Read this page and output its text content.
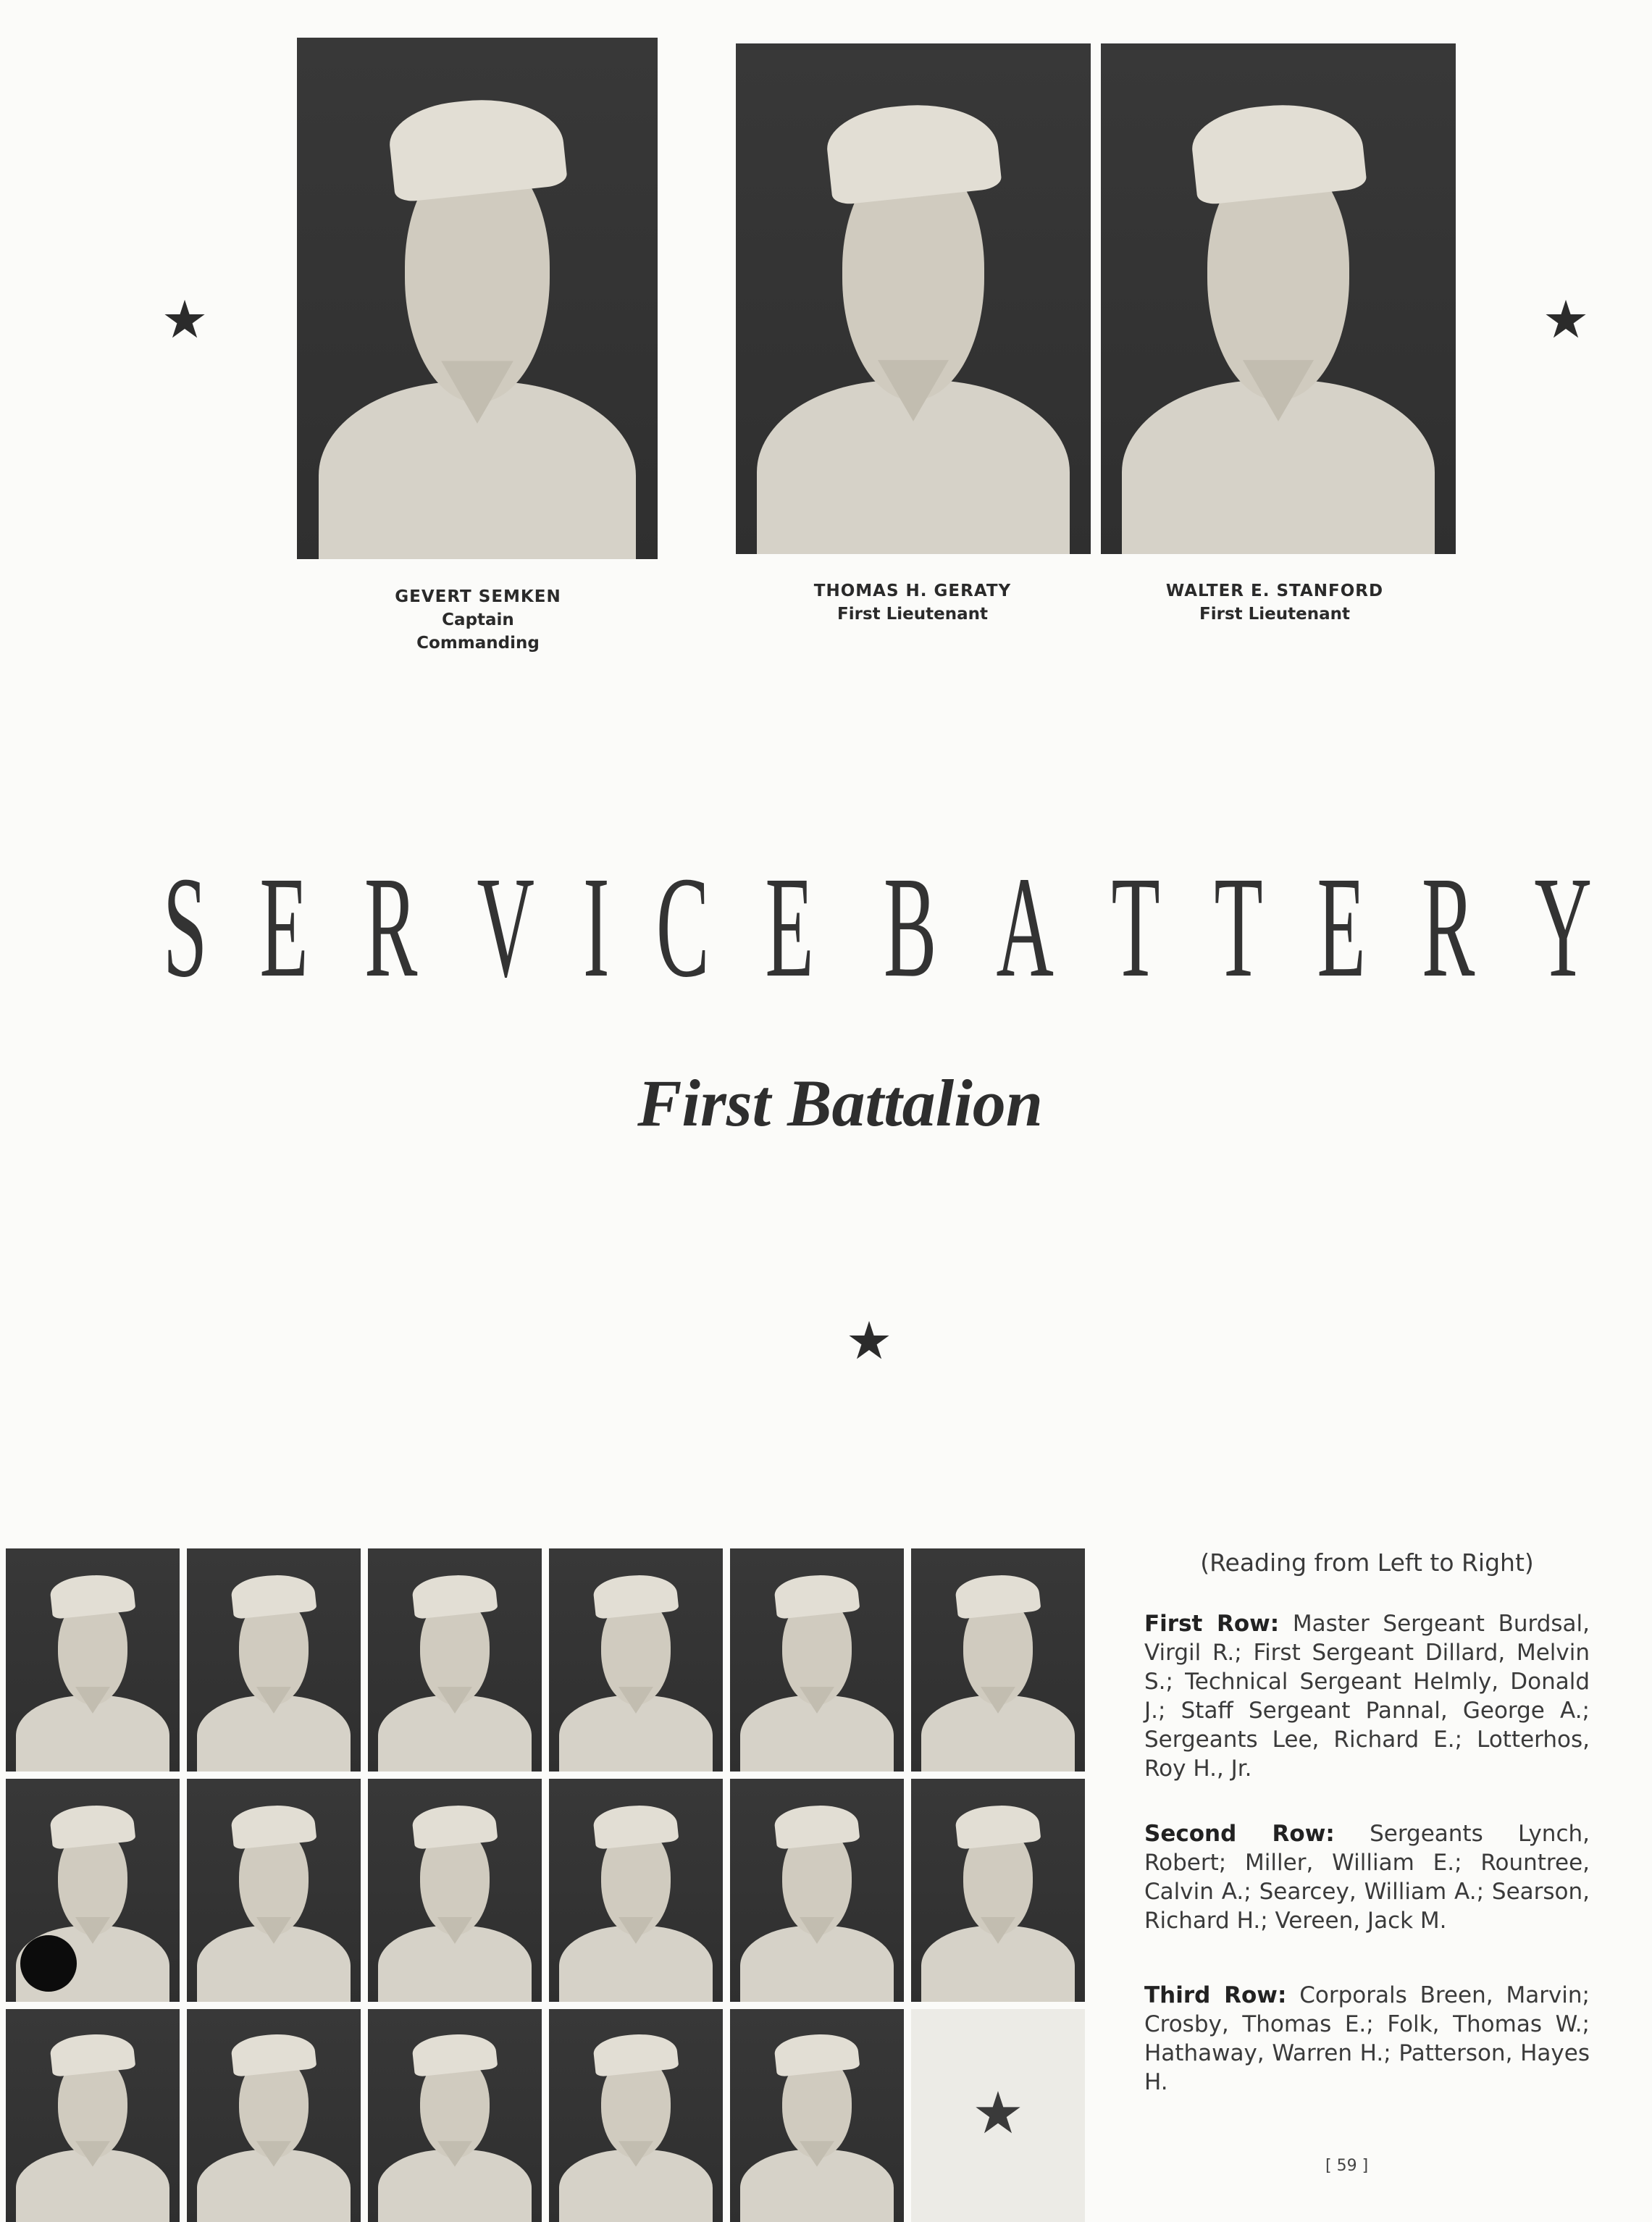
★	★
GEVERT SEMKEN
Captain
Commanding
THOMAS H. GERATY
First Lieutenant
WALTER E. STANFORD
First Lieutenant
S E R V I C E B A T T E R Y
First Battalion
★
★
(Reading from Left to Right)
First Row: Master Sergeant Burdsal, Virgil R.; First Sergeant Dillard, Melvin S.; Technical Sergeant Helmly, Donald J.; Staff Sergeant Pannal, George A.; Sergeants Lee, Richard E.; Lotterhos, Roy H., Jr.
Second Row: Sergeants Lynch, Robert; Miller, William E.; Rountree, Calvin A.; Searcey, William A.; Searson, Richard H.; Vereen, Jack M.
Third Row: Corporals Breen, Marvin; Crosby, Thomas E.; Folk, Thomas W.; Hathaway, Warren H.; Patterson, Hayes H.
[ 59 ]
